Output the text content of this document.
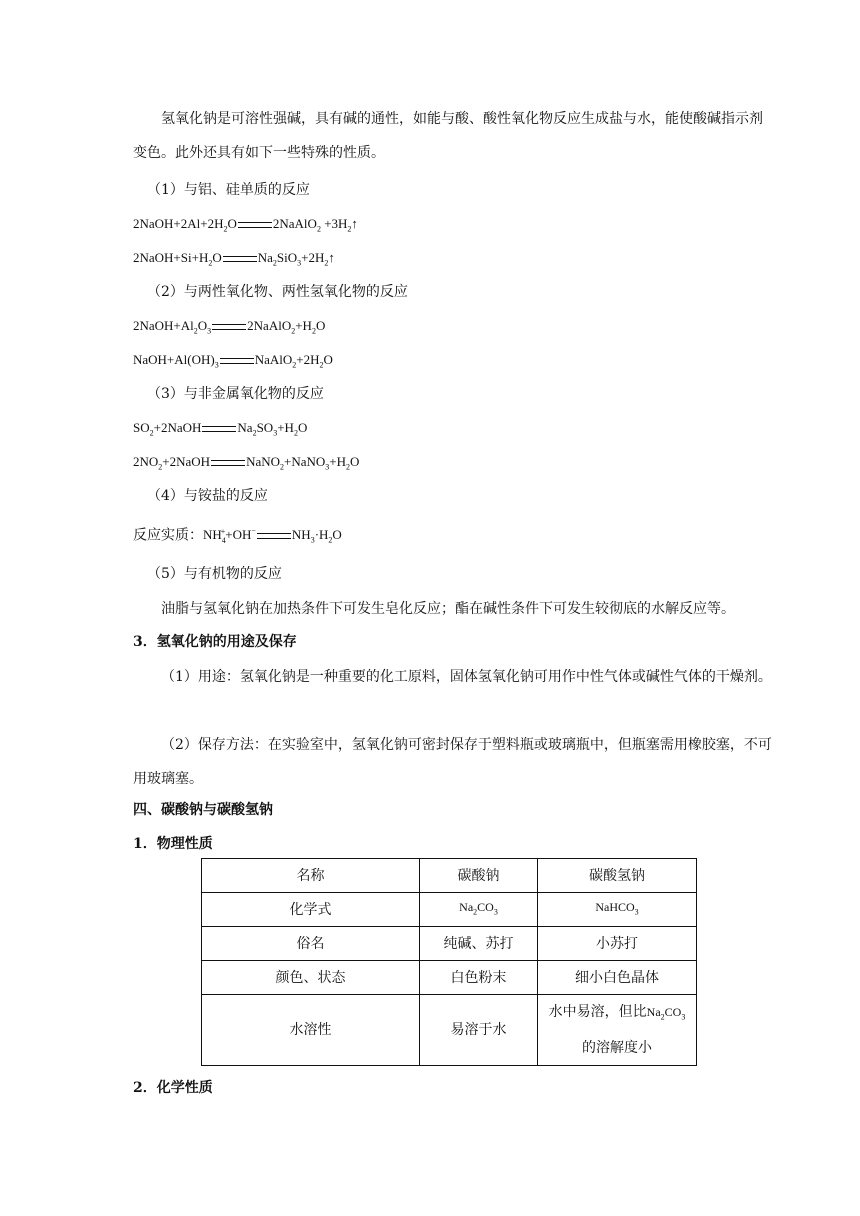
氢氧化钠是可溶性强碱，具有碱的通性，如能与酸、酸性氧化物反应生成盐与水，能使酸碱指示剂变色。此外还具有如下一些特殊的性质。
（1）与铝、硅单质的反应
$2NaOH+2Al+2H_2O$	2NaAlO$_2$ $+3H_2↑$
$2NaOH+Si+H_2O$	$Na_2SiO_3+2H_2↑$
（2）与两性氧化物、两性氢氧化物的反应
$2NaOH+Al_2O_3$	$2NaAlO_2+H_2O$
$NaOH+Al(OH)_3$	$NaAlO_2+2H_2O$
（3）与非金属氧化物的反应
$SO_2+2NaOH$	$Na_2SO_3+H_2O$
$2NO_2+2NaOH$	$NaNO_2+NaNO_3+H_2O$
（4）与铵盐的反应
反应实质：$NH_4^++OH^-$	$NH_3\cdot H_2O$
（5）与有机物的反应
油脂与氢氧化钠在加热条件下可发生皂化反应；酯在碱性条件下可发生较彻底的水解反应等。
3．氢氧化钠的用途及保存
（1）用途：氢氧化钠是一种重要的化工原料，固体氢氧化钠可用作中性气体或碱性气体的干燥剂。
（2）保存方法：在实验室中，氢氧化钠可密封保存于塑料瓶或玻璃瓶中，但瓶塞需用橡胶塞，不可用玻璃塞。
四、碳酸钠与碳酸氢钠
1．物理性质
名称	碳酸钠	碳酸氢钠
化学式	$Na_2CO_3$	NaHCO$_3$
俗名	纯碱、苏打	小苏打
颜色、状态	白色粉末	细小白色晶体
水溶性	易溶于水	水中易溶，但比$Na_2CO_3$
的溶解度小
2．化学性质
